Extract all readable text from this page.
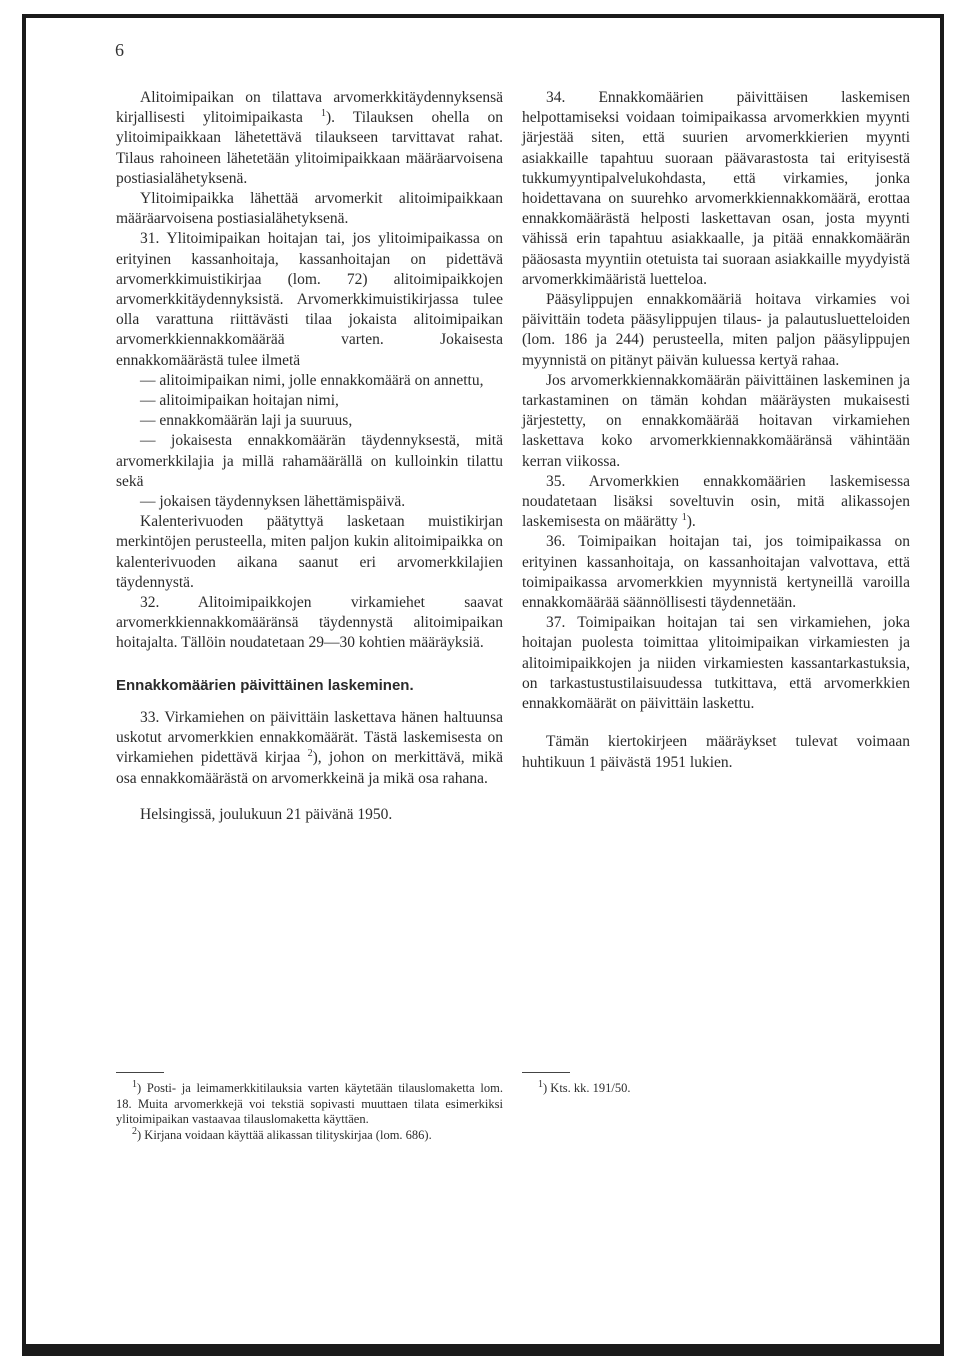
6

Alitoimipaikan on tilattava arvomerkkitäydennyksensä kirjallisesti ylitoimipaikasta $^1$). Tilauksen ohella on ylitoimipaikkaan lähetettävä tilaukseen tarvittavat rahat. Tilaus rahoineen lähetetään ylitoimipaikkaan määräarvoisena postiasialähetyksenä.

Ylitoimipaikka lähettää arvomerkit alitoimipaikkaan määräarvoisena postiasialähetyksenä.

31. Ylitoimipaikan hoitajan tai, jos ylitoimipaikassa on erityinen kassanhoitaja, kassanhoitajan on pidettävä arvomerkkimuistikirjaa (lom. 72) alitoimipaikkojen arvomerkkitäydennyksistä. Arvomerkkimuistikirjassa tulee olla varattuna riittävästi tilaa jokaista alitoimipaikan arvomerkkiennakkomäärää varten. Jokaisesta ennakkomäärästä tulee ilmetä

— alitoimipaikan nimi, jolle ennakkomäärä on annettu,

— alitoimipaikan hoitajan nimi,

— ennakkomäärän laji ja suuruus,

— jokaisesta ennakkomäärän täydennyksestä, mitä arvomerkkilajia ja millä rahamäärällä on kulloinkin tilattu sekä

— jokaisen täydennyksen lähettämispäivä.

Kalenterivuoden päätyttyä lasketaan muistikirjan merkintöjen perusteella, miten paljon kukin alitoimipaikka on kalenterivuoden aikana saanut eri arvomerkkilajien täydennystä.

32. Alitoimipaikkojen virkamiehet saavat arvomerkkiennakkomääränsä täydennystä alitoimipaikan hoitajalta. Tällöin noudatetaan 29—30 kohtien määräyksiä.

Ennakkomäärien päivittäinen laskeminen.

33. Virkamiehen on päivittäin laskettava hänen haltuunsa uskotut arvomerkkien ennakkomäärät. Tästä laskemisesta on virkamiehen pidettävä kirjaa $^2$), johon on merkittävä, mikä osa ennakkomäärästä on arvomerkkeinä ja mikä osa rahana.

Helsingissä, joulukuun 21 päivänä 1950.

34. Ennakkomäärien päivittäisen laskemisen helpottamiseksi voidaan toimipaikassa arvomerkkien myynti järjestää siten, että suurien arvomerkkierien myynti asiakkaille tapahtuu suoraan päävarastosta tai erityisestä tukkumyyntipalvelukohdasta, että virkamies, jonka hoidettavana on suurehko arvomerkkiennakkomäärä, erottaa ennakkomäärästä helposti laskettavan osan, josta myynti vähissä erin tapahtuu asiakkaalle, ja pitää ennakkomäärän pääosasta myyntiin otetuista tai suoraan asiakkaille myydyistä arvomerkkimääristä luetteloa.

Pääsylippujen ennakkomääriä hoitava virkamies voi päivittäin todeta pääsylippujen tilaus- ja palautusluetteloiden (lom. 186 ja 244) perusteella, miten paljon pääsylippujen myynnistä on pitänyt päivän kuluessa kertyä rahaa.

Jos arvomerkkiennakkomäärän päivittäinen laskeminen ja tarkastaminen on tämän kohdan määräysten mukaisesti järjestetty, on ennakkomäärää hoitavan virkamiehen laskettava koko arvomerkkiennakkomääränsä vähintään kerran viikossa.

35. Arvomerkkien ennakkomäärien laskemisessa noudatetaan lisäksi soveltuvin osin, mitä alikassojen laskemisesta on määrätty $^1$).

36. Toimipaikan hoitajan tai, jos toimipaikassa on erityinen kassanhoitaja, on kassanhoitajan valvottava, että toimipaikassa arvomerkkien myynnistä kertyneillä varoilla ennakkomäärää säännöllisesti täydennetään.

37. Toimipaikan hoitajan tai sen virkamiehen, joka hoitajan puolesta toimittaa ylitoimipaikan virkamiesten ja alitoimipaikkojen ja niiden virkamiesten kassantarkastuksia, on tarkastustustilaisuudessa tutkittava, että arvomerkkien ennakkomäärät on päivittäin laskettu.

Tämän kiertokirjeen määräykset tulevat voimaan huhtikuun 1 päivästä 1951 lukien.

$^1$) Posti- ja leimamerkkitilauksia varten käytetään tilauslomaketta lom. 18. Muita arvomerkkejä voi tekstiä sopivasti muuttaen tilata esimerkiksi ylitoimipaikan vastaavaa tilauslomaketta käyttäen.

$^2$) Kirjana voidaan käyttää alikassan tilityskirjaa (lom. 686).

$^1$) Kts. kk. 191/50.
